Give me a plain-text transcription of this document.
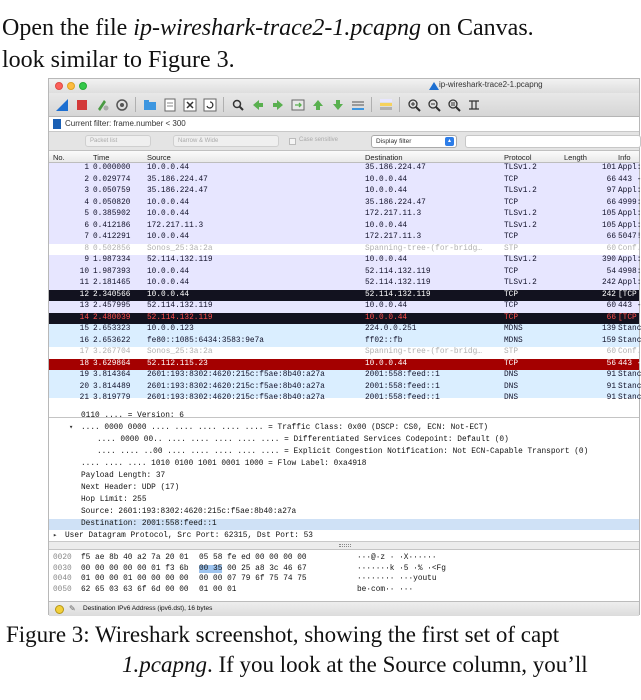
Open the file ip-wireshark-trace2-1.pcapng on Canvas.
look similar to Figure 3.
ip-wireshark-trace2-1.pcapng
Current filter: frame.number < 300
Packet list	Narrow & Wide	Case sensitive	Display filter	▴
No.	Time	Source	Destination	Protocol	Length	Info
1 0.000000 10.0.0.44	35.186.224.47	TLSv1.2	101 Appl:
2 0.029774 35.186.224.47	10.0.0.44	TCP	66 443 -
3 0.050759 35.186.224.47	10.0.0.44	TLSv1.2	97 Appl:
4 0.050820 10.0.0.44	35.186.224.47	TCP	66 4999:
5 0.385902 10.0.0.44	172.217.11.3	TLSv1.2	105 Appl:
6 0.412186 172.217.11.3	10.0.0.44	TLSv1.2	105 Appl:
7 0.412291 10.0.0.44	172.217.11.3	TCP	66 5047!
8 0.502856 Sonos_25:3a:2a	Spanning-tree-(for-bridg…	STP	60 Conf.
9 1.987334 52.114.132.119	10.0.0.44	TLSv1.2	390 Appl:
10 1.987393 10.0.0.44	52.114.132.119	TCP	54 4998:
11 2.181465 10.0.0.44	52.114.132.119	TLSv1.2	242 Appl:
12 2.340566 10.0.0.44	52.114.132.119	TCP	242 [TCP
13 2.457995 52.114.132.119	10.0.0.44	TCP	60 443 -
14 2.480039 52.114.132.119	10.0.0.44	TCP	66 [TCP
15 2.653323 10.0.0.123	224.0.0.251	MDNS	139 Stanc
16 2.653622 fe80::1085:6434:3583:9e7a	ff02::fb	MDNS	159 Stanc
17 3.267704 Sonos_25:3a:2a	Spanning-tree-(for-bridg…	STP	60 Conf.
18 3.629864 52.112.115.23	10.0.0.44	TCP	56 443 -
19 3.814364 2601:193:8302:4620:215c:f5ae:8b40:a27a	2001:558:feed::1	DNS	91 Stanc
20 3.814489 2601:193:8302:4620:215c:f5ae:8b40:a27a	2001:558:feed::1	DNS	91 Stanc
21 3.819779 2601:193:8302:4620:215c:f5ae:8b40:a27a	2001:558:feed::1	DNS	91 Stanc
0110 .... = Version: 6
▾ .... 0000 0000 .... .... .... .... .... = Traffic Class: 0x00 (DSCP: CS0, ECN: Not-ECT)
.... 0000 00.. .... .... .... .... .... = Differentiated Services Codepoint: Default (0)
.... .... ..00 .... .... .... .... .... = Explicit Congestion Notification: Not ECN-Capable Transport (0)
.... .... .... 1010 0100 1001 0001 1000 = Flow Label: 0xa4918
Payload Length: 37
Next Header: UDP (17)
Hop Limit: 255
Source: 2601:193:8302:4620:215c:f5ae:8b40:a27a
Destination: 2001:558:feed::1
▸ User Datagram Protocol, Src Port: 62315, Dst Port: 53
0020 f5 ae 8b 40 a2 7a 20 01 05 58 fe ed 00 00 00 00	···@·z · ·X······
0030 00 00 00 00 00 01 f3 6b 00 35 00 25 a8 3c 46 67	·······k ·5 ·% ·<Fg
0040 01 00 00 01 00 00 00 00 00 00 07 79 6f 75 74 75	········ ···youtu
0050 62 65 03 63 6f 6d 00 00 01 00 01	be·com·· ···
✎ Destination IPv6 Address (ipv6.dst), 16 bytes
Figure 3: Wireshark screenshot, showing the first set of capt
1.pcapng. If you look at the Source column, you’ll
